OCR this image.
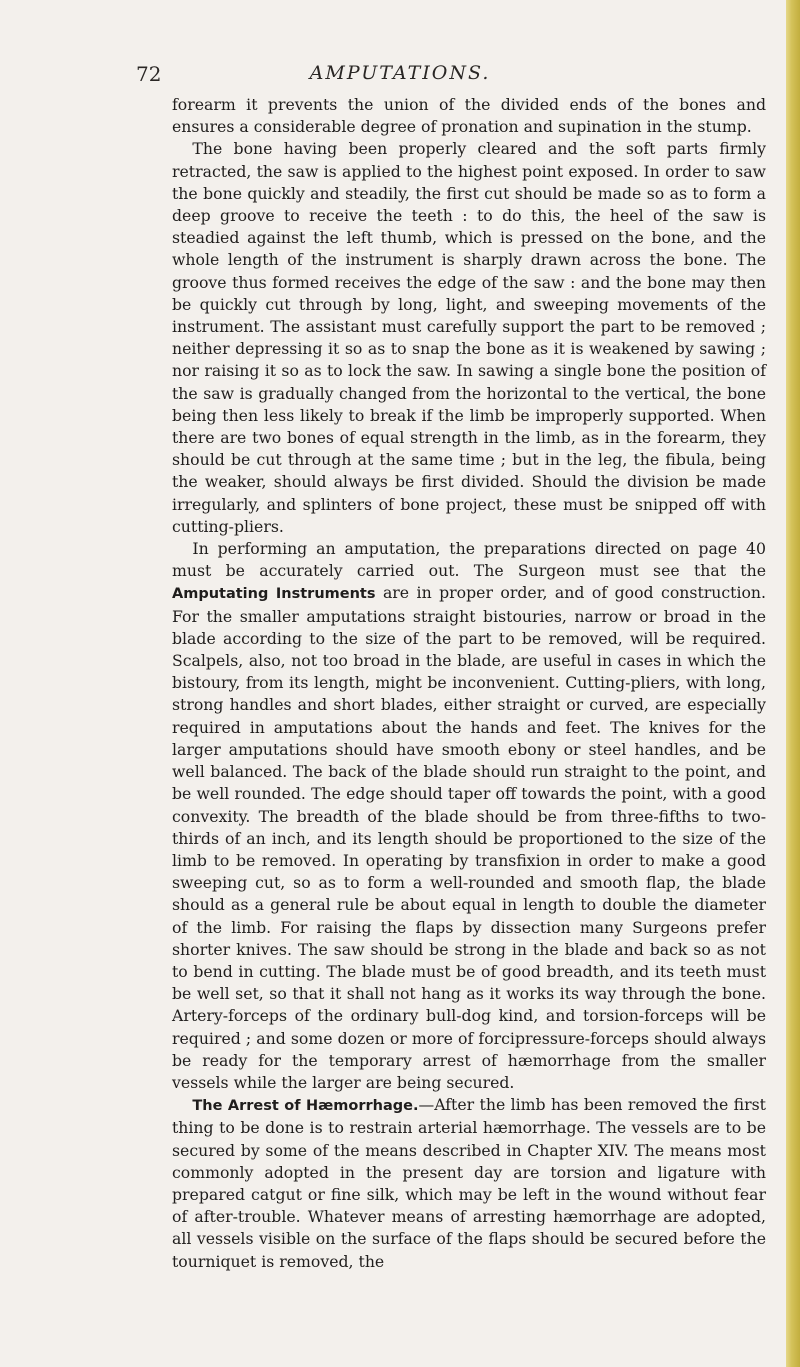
72	AMPUTATIONS.

forearm it prevents the union of the divided ends of the bones and ensures a considerable degree of pronation and supination in the stump.

The bone having been properly cleared and the soft parts firmly retracted, the saw is applied to the highest point exposed. In order to saw the bone quickly and steadily, the first cut should be made so as to form a deep groove to receive the teeth : to do this, the heel of the saw is steadied against the left thumb, which is pressed on the bone, and the whole length of the instrument is sharply drawn across the bone. The groove thus formed receives the edge of the saw : and the bone may then be quickly cut through by long, light, and sweeping movements of the instrument. The assistant must carefully support the part to be removed ; neither depressing it so as to snap the bone as it is weakened by sawing ; nor raising it so as to lock the saw. In sawing a single bone the position of the saw is gradually changed from the horizontal to the vertical, the bone being then less likely to break if the limb be improperly supported. When there are two bones of equal strength in the limb, as in the forearm, they should be cut through at the same time ; but in the leg, the fibula, being the weaker, should always be first divided. Should the division be made irregularly, and splinters of bone project, these must be snipped off with cutting-pliers.

In performing an amputation, the preparations directed on page 40 must be accurately carried out. The Surgeon must see that the Amputating Instruments are in proper order, and of good construction. For the smaller amputations straight bistouries, narrow or broad in the blade according to the size of the part to be removed, will be required. Scalpels, also, not too broad in the blade, are useful in cases in which the bistoury, from its length, might be inconvenient. Cutting-pliers, with long, strong handles and short blades, either straight or curved, are especially required in amputations about the hands and feet. The knives for the larger amputations should have smooth ebony or steel handles, and be well balanced. The back of the blade should run straight to the point, and be well rounded. The edge should taper off towards the point, with a good convexity. The breadth of the blade should be from three-fifths to two-thirds of an inch, and its length should be proportioned to the size of the limb to be removed. In operating by transfixion in order to make a good sweeping cut, so as to form a well-rounded and smooth flap, the blade should as a general rule be about equal in length to double the diameter of the limb. For raising the flaps by dissection many Surgeons prefer shorter knives. The saw should be strong in the blade and back so as not to bend in cutting. The blade must be of good breadth, and its teeth must be well set, so that it shall not hang as it works its way through the bone. Artery-forceps of the ordinary bull-dog kind, and torsion-forceps will be required ; and some dozen or more of forcipressure-forceps should always be ready for the temporary arrest of hæmorrhage from the smaller vessels while the larger are being secured.

The Arrest of Hæmorrhage.—After the limb has been removed the first thing to be done is to restrain arterial hæmorrhage. The vessels are to be secured by some of the means described in Chapter XIV. The means most commonly adopted in the present day are torsion and ligature with prepared catgut or fine silk, which may be left in the wound without fear of after-trouble. Whatever means of arresting hæmorrhage are adopted, all vessels visible on the surface of the flaps should be secured before the tourniquet is removed, the
